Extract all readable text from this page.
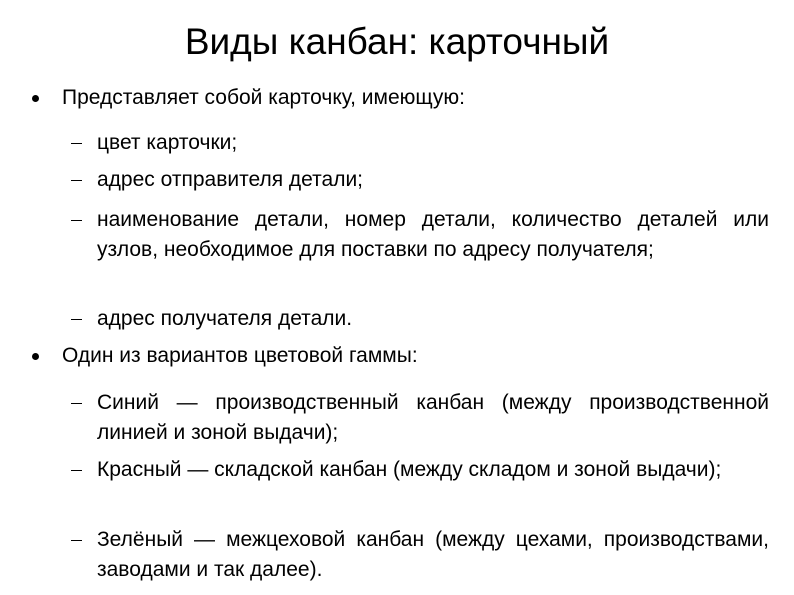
Виды канбан: карточный
Представляет собой карточку, имеющую:
цвет карточки;
адрес отправителя детали;
наименование детали, номер детали, количество деталей или узлов, необходимое для поставки по адресу получателя;
адрес получателя детали.
Один из вариантов цветовой гаммы:
Синий — производственный канбан (между производственной линией и зоной выдачи);
Красный — складской канбан (между складом и зоной выдачи);
Зелёный — межцеховой канбан (между цехами, производствами, заводами и так далее).
